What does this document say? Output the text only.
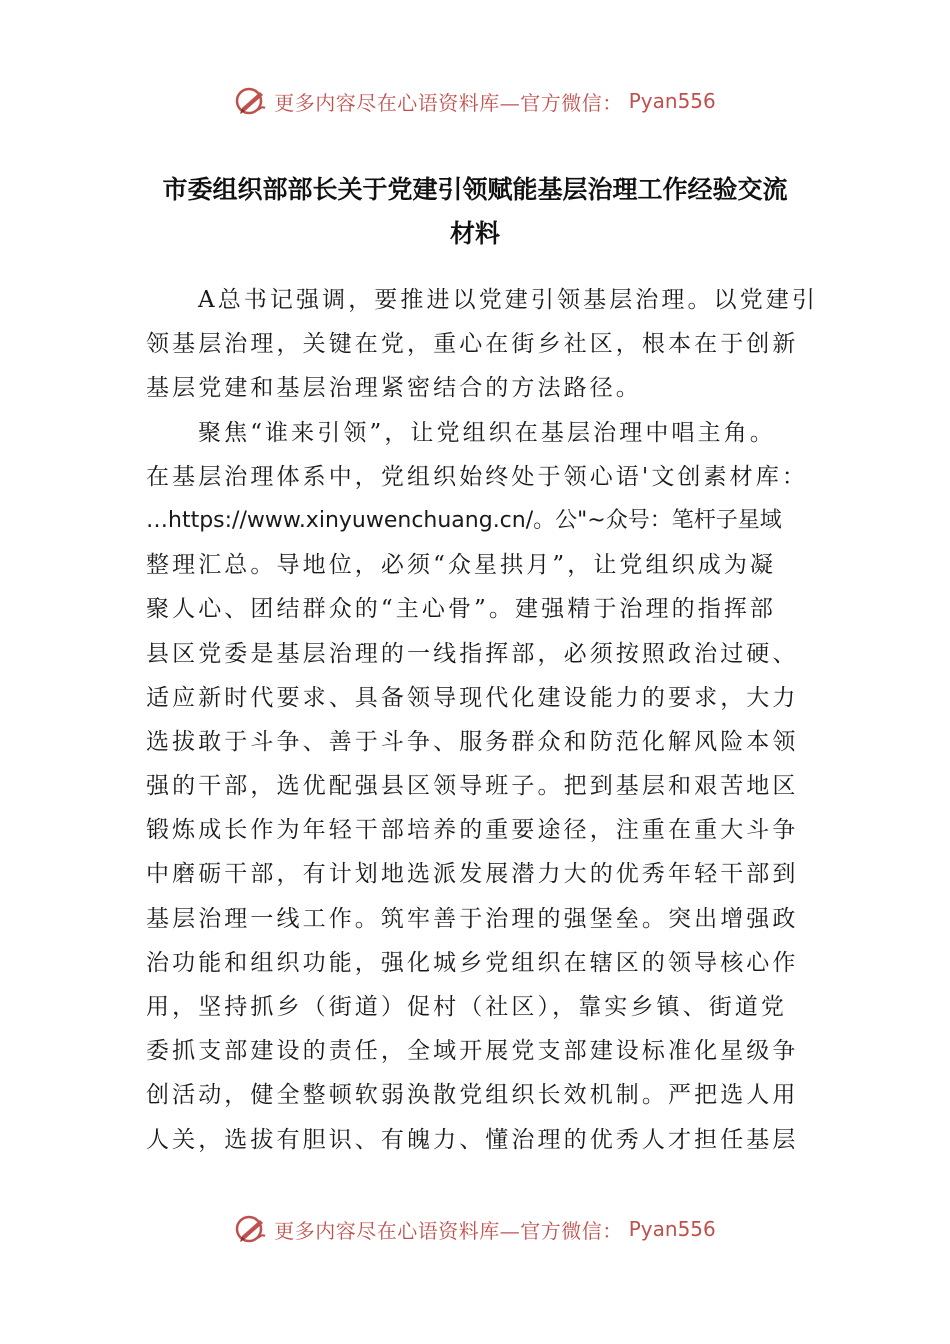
更多内容尽在心语资料库—官方微信： Pyan556
市委组织部部长关于党建引领赋能基层治理工作经验交流
材料
A总书记强调，要推进以党建引领基层治理。以党建引
领基层治理，关键在党，重心在街乡社区，根本在于创新
基层党建和基层治理紧密结合的方法路径。
聚焦“谁来引领”，让党组织在基层治理中唱主角。
在基层治理体系中，党组织始终处于领心语'文创素材库：
…https://www.xinyuwenchuang.cn/。公"~众号：笔杆子星域
整理汇总。导地位，必须“众星拱月”，让党组织成为凝
聚人心、团结群众的“主心骨”。建强精于治理的指挥部
县区党委是基层治理的一线指挥部，必须按照政治过硬、
适应新时代要求、具备领导现代化建设能力的要求，大力
选拔敢于斗争、善于斗争、服务群众和防范化解风险本领
强的干部，选优配强县区领导班子。把到基层和艰苦地区
锻炼成长作为年轻干部培养的重要途径，注重在重大斗争
中磨砺干部，有计划地选派发展潜力大的优秀年轻干部到
基层治理一线工作。筑牢善于治理的强堡垒。突出增强政
治功能和组织功能，强化城乡党组织在辖区的领导核心作
用，坚持抓乡（街道）促村（社区），靠实乡镇、街道党
委抓支部建设的责任，全域开展党支部建设标准化星级争
创活动，健全整顿软弱涣散党组织长效机制。严把选人用
人关，选拔有胆识、有魄力、懂治理的优秀人才担任基层
更多内容尽在心语资料库—官方微信： Pyan556
